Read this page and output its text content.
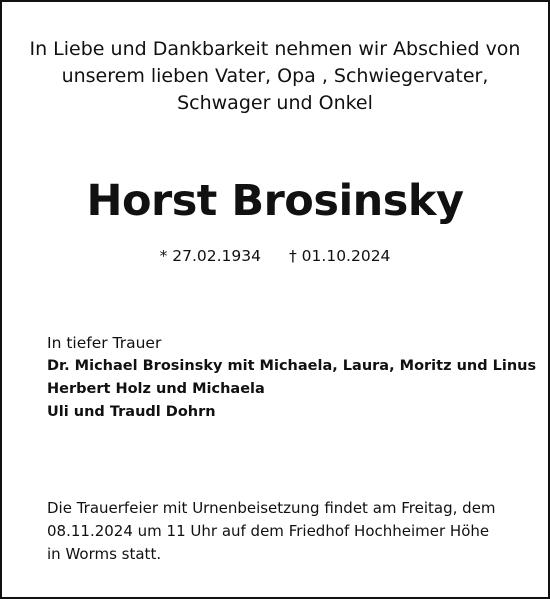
In Liebe und Dankbarkeit nehmen wir Abschied von
unserem lieben Vater, Opa , Schwiegervater,
Schwager und Onkel
Horst Brosinsky
* 27.02.1934 † 01.10.2024
In tiefer Trauer
Dr. Michael Brosinsky mit Michaela, Laura, Moritz und Linus
Herbert Holz und Michaela
Uli und Traudl Dohrn
Die Trauerfeier mit Urnenbeisetzung findet am Freitag, dem
08.11.2024 um 11 Uhr auf dem Friedhof Hochheimer Höhe
in Worms statt.
